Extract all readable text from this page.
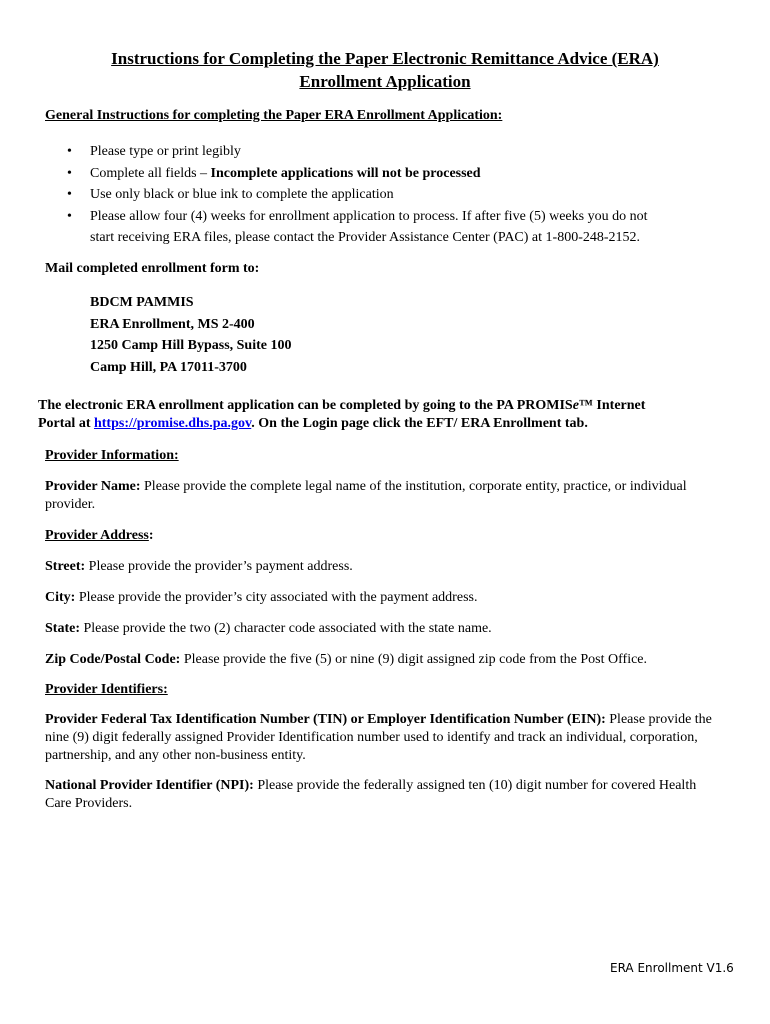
Instructions for Completing the Paper Electronic Remittance Advice (ERA)
Enrollment Application
General Instructions for completing the Paper ERA Enrollment Application:
• Please type or print legibly
• Complete all fields – Incomplete applications will not be processed
• Use only black or blue ink to complete the application
• Please allow four (4) weeks for enrollment application to process. If after five (5) weeks you do not
start receiving ERA files, please contact the Provider Assistance Center (PAC) at 1-800-248-2152.
Mail completed enrollment form to:
BDCM PAMMIS
ERA Enrollment, MS 2-400
1250 Camp Hill Bypass, Suite 100
Camp Hill, PA 17011-3700
The electronic ERA enrollment application can be completed by going to the PA PROMISe™ Internet
Portal at https://promise.dhs.pa.gov. On the Login page click the EFT/ ERA Enrollment tab.
Provider Information:
Provider Name: Please provide the complete legal name of the institution, corporate entity, practice, or individual provider.
Provider Address:
Street: Please provide the provider’s payment address.
City: Please provide the provider’s city associated with the payment address.
State: Please provide the two (2) character code associated with the state name.
Zip Code/Postal Code: Please provide the five (5) or nine (9) digit assigned zip code from the Post Office.
Provider Identifiers:
Provider Federal Tax Identification Number (TIN) or Employer Identification Number (EIN): Please provide the nine (9) digit federally assigned Provider Identification number used to identify and track an individual, corporation, partnership, and any other non-business entity.
National Provider Identifier (NPI): Please provide the federally assigned ten (10) digit number for covered Health Care Providers.
ERA Enrollment V1.6
